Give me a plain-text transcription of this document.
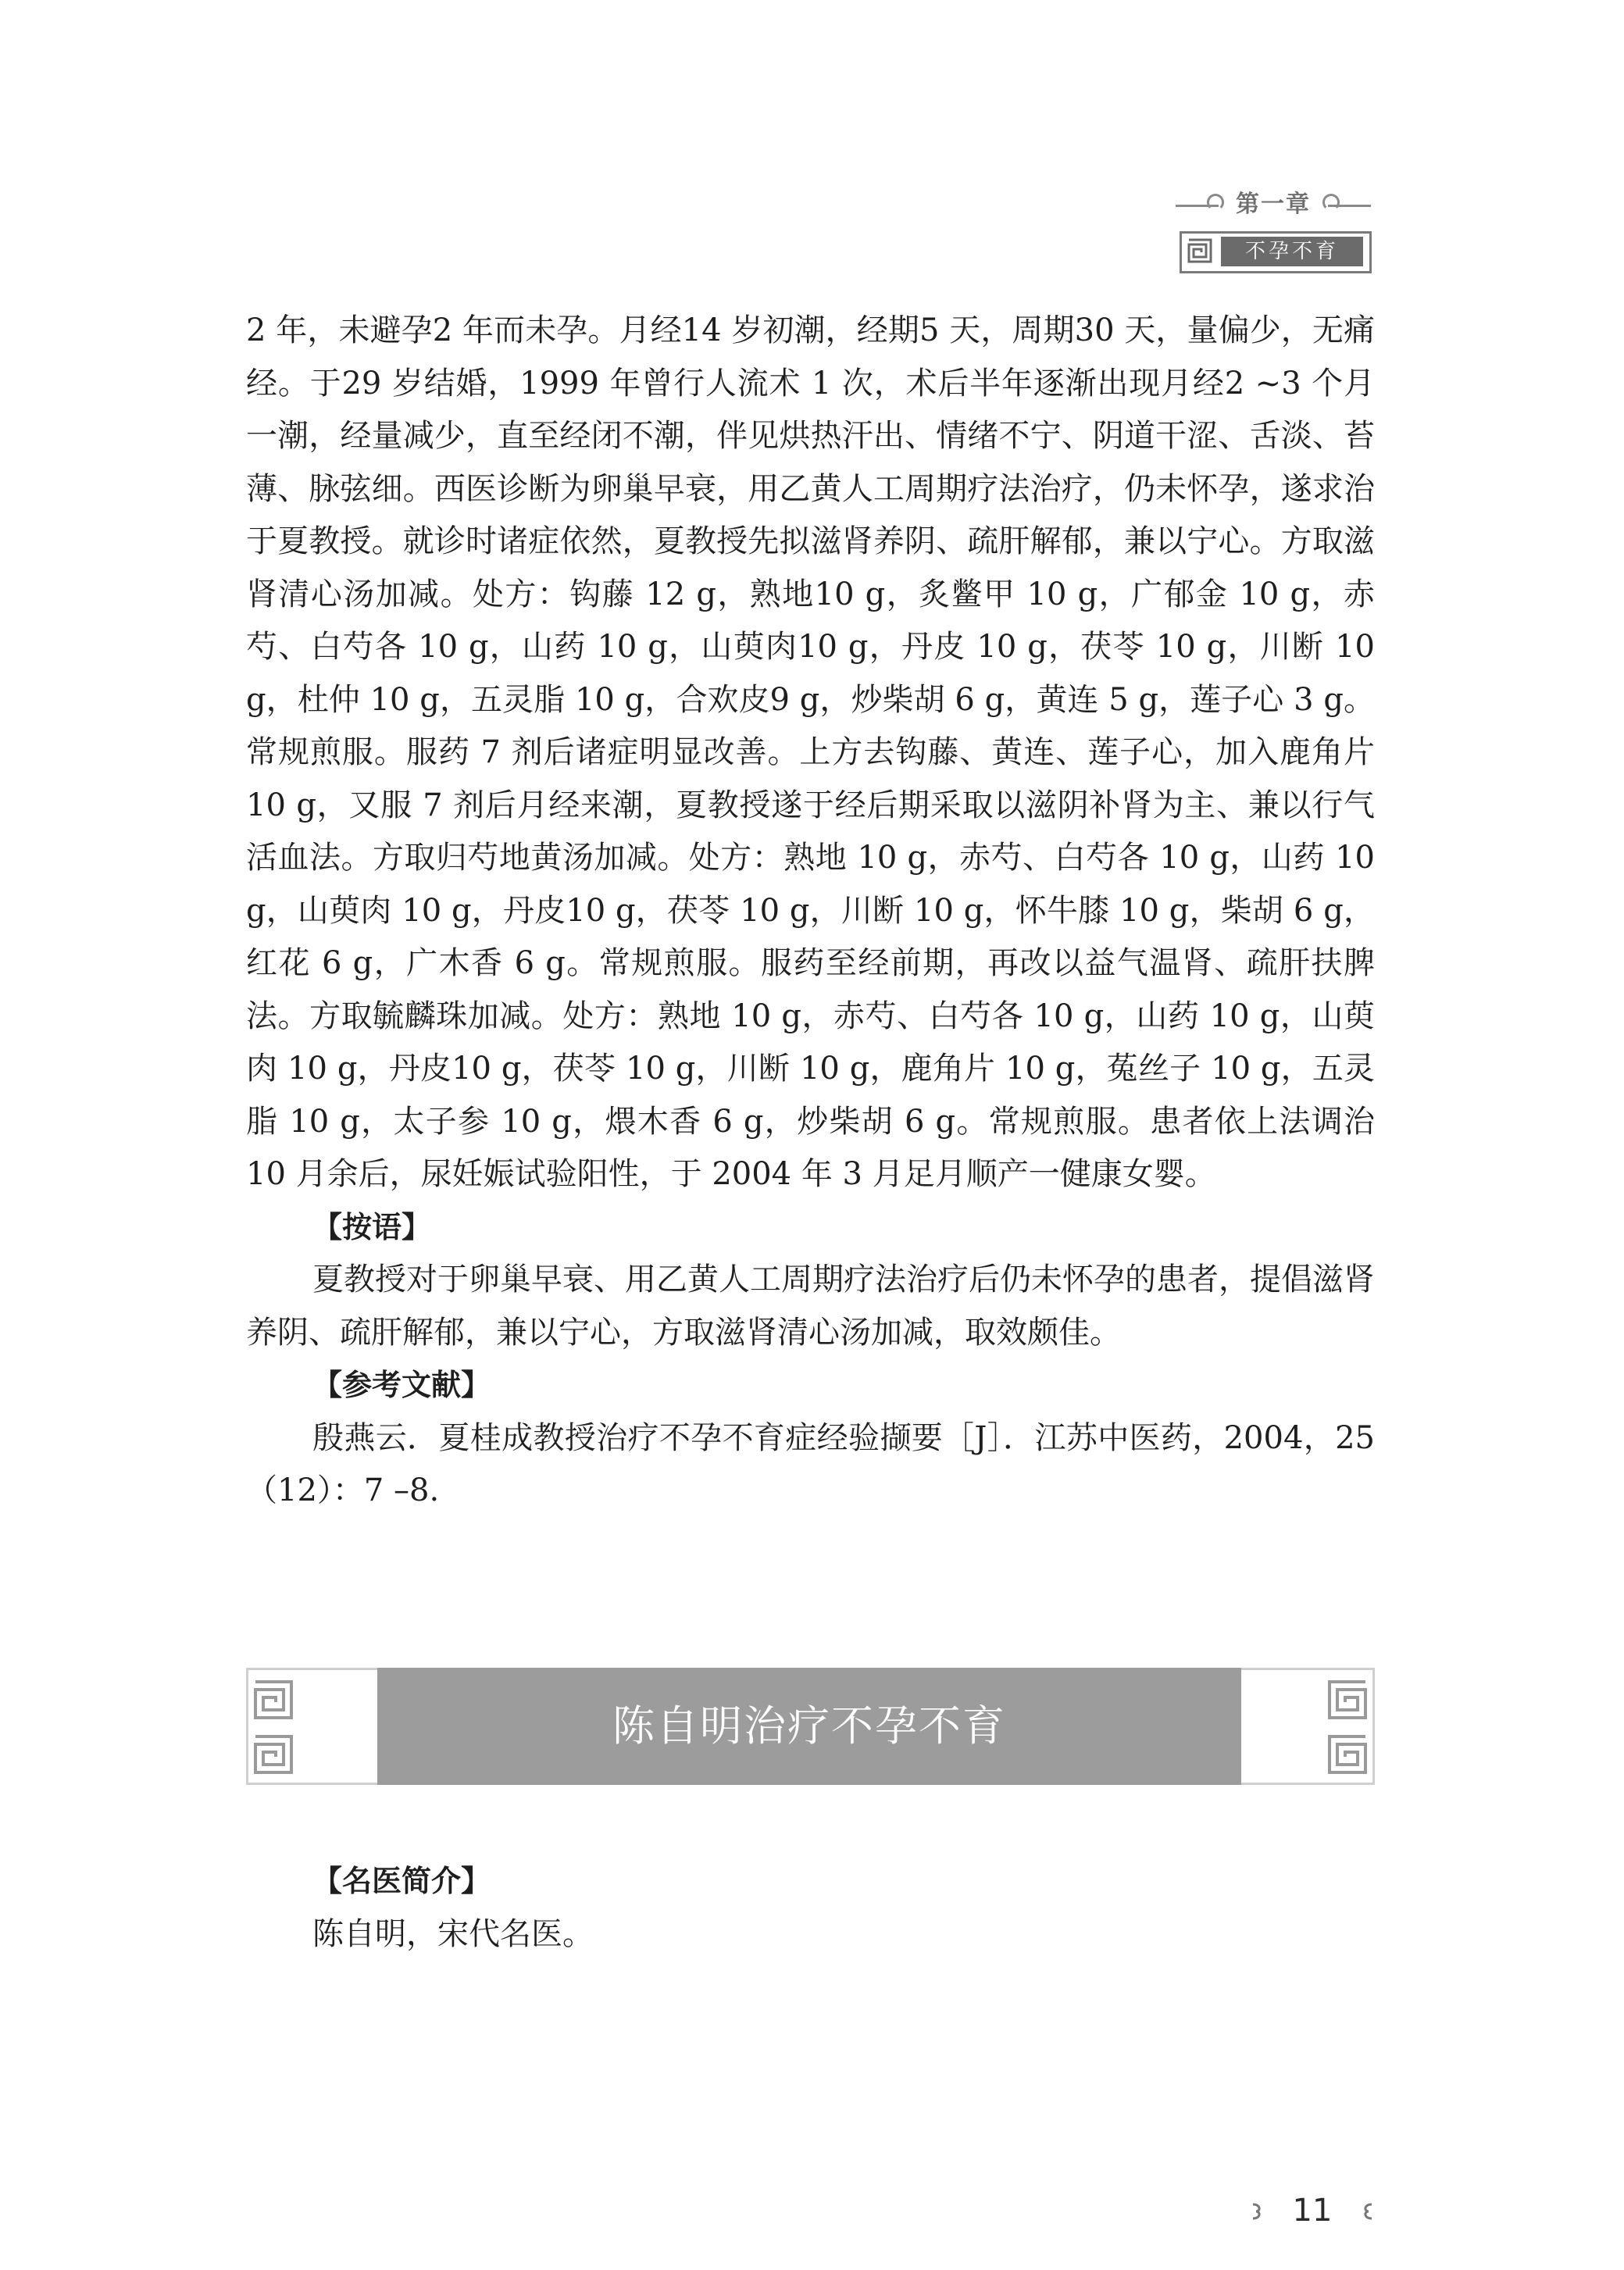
第一章
不孕不育

2 年，未避孕2 年而未孕。月经14 岁初潮，经期5 天，周期30 天，量偏少，无痛经。于29 岁结婚，1999 年曾行人流术 1 次，术后半年逐渐出现月经2 ~3 个月一潮，经量减少，直至经闭不潮，伴见烘热汗出、情绪不宁、阴道干涩、舌淡、苔薄、脉弦细。西医诊断为卵巢早衰，用乙黄人工周期疗法治疗，仍未怀孕，遂求治于夏教授。就诊时诸症依然，夏教授先拟滋肾养阴、疏肝解郁，兼以宁心。方取滋肾清心汤加减。处方：钩藤 12 g，熟地10 g，炙鳖甲 10 g，广郁金 10 g，赤芍、白芍各 10 g，山药 10 g，山萸肉10 g，丹皮 10 g，茯苓 10 g，川断 10 g，杜仲 10 g，五灵脂 10 g，合欢皮9 g，炒柴胡 6 g，黄连 5 g，莲子心 3 g。常规煎服。服药 7 剂后诸症明显改善。上方去钩藤、黄连、莲子心，加入鹿角片 10 g，又服 7 剂后月经来潮，夏教授遂于经后期采取以滋阴补肾为主、兼以行气活血法。方取归芍地黄汤加减。处方：熟地 10 g，赤芍、白芍各 10 g，山药 10 g，山萸肉 10 g，丹皮10 g，茯苓 10 g，川断 10 g，怀牛膝 10 g，柴胡 6 g，红花 6 g，广木香 6 g。常规煎服。服药至经前期，再改以益气温肾、疏肝扶脾法。方取毓麟珠加减。处方：熟地 10 g，赤芍、白芍各 10 g，山药 10 g，山萸肉 10 g，丹皮10 g，茯苓 10 g，川断 10 g，鹿角片 10 g，菟丝子 10 g，五灵脂 10 g，太子参 10 g，煨木香 6 g，炒柴胡 6 g。常规煎服。患者依上法调治 10 月余后，尿妊娠试验阳性，于 2004 年 3 月足月顺产一健康女婴。

【按语】

夏教授对于卵巢早衰、用乙黄人工周期疗法治疗后仍未怀孕的患者，提倡滋肾养阴、疏肝解郁，兼以宁心，方取滋肾清心汤加减，取效颇佳。

【参考文献】

殷燕云．夏桂成教授治疗不孕不育症经验撷要［J］．江苏中医药，2004，25（12）：7 –8.

陈自明治疗不孕不育

【名医简介】

陈自明，宋代名医。

11
